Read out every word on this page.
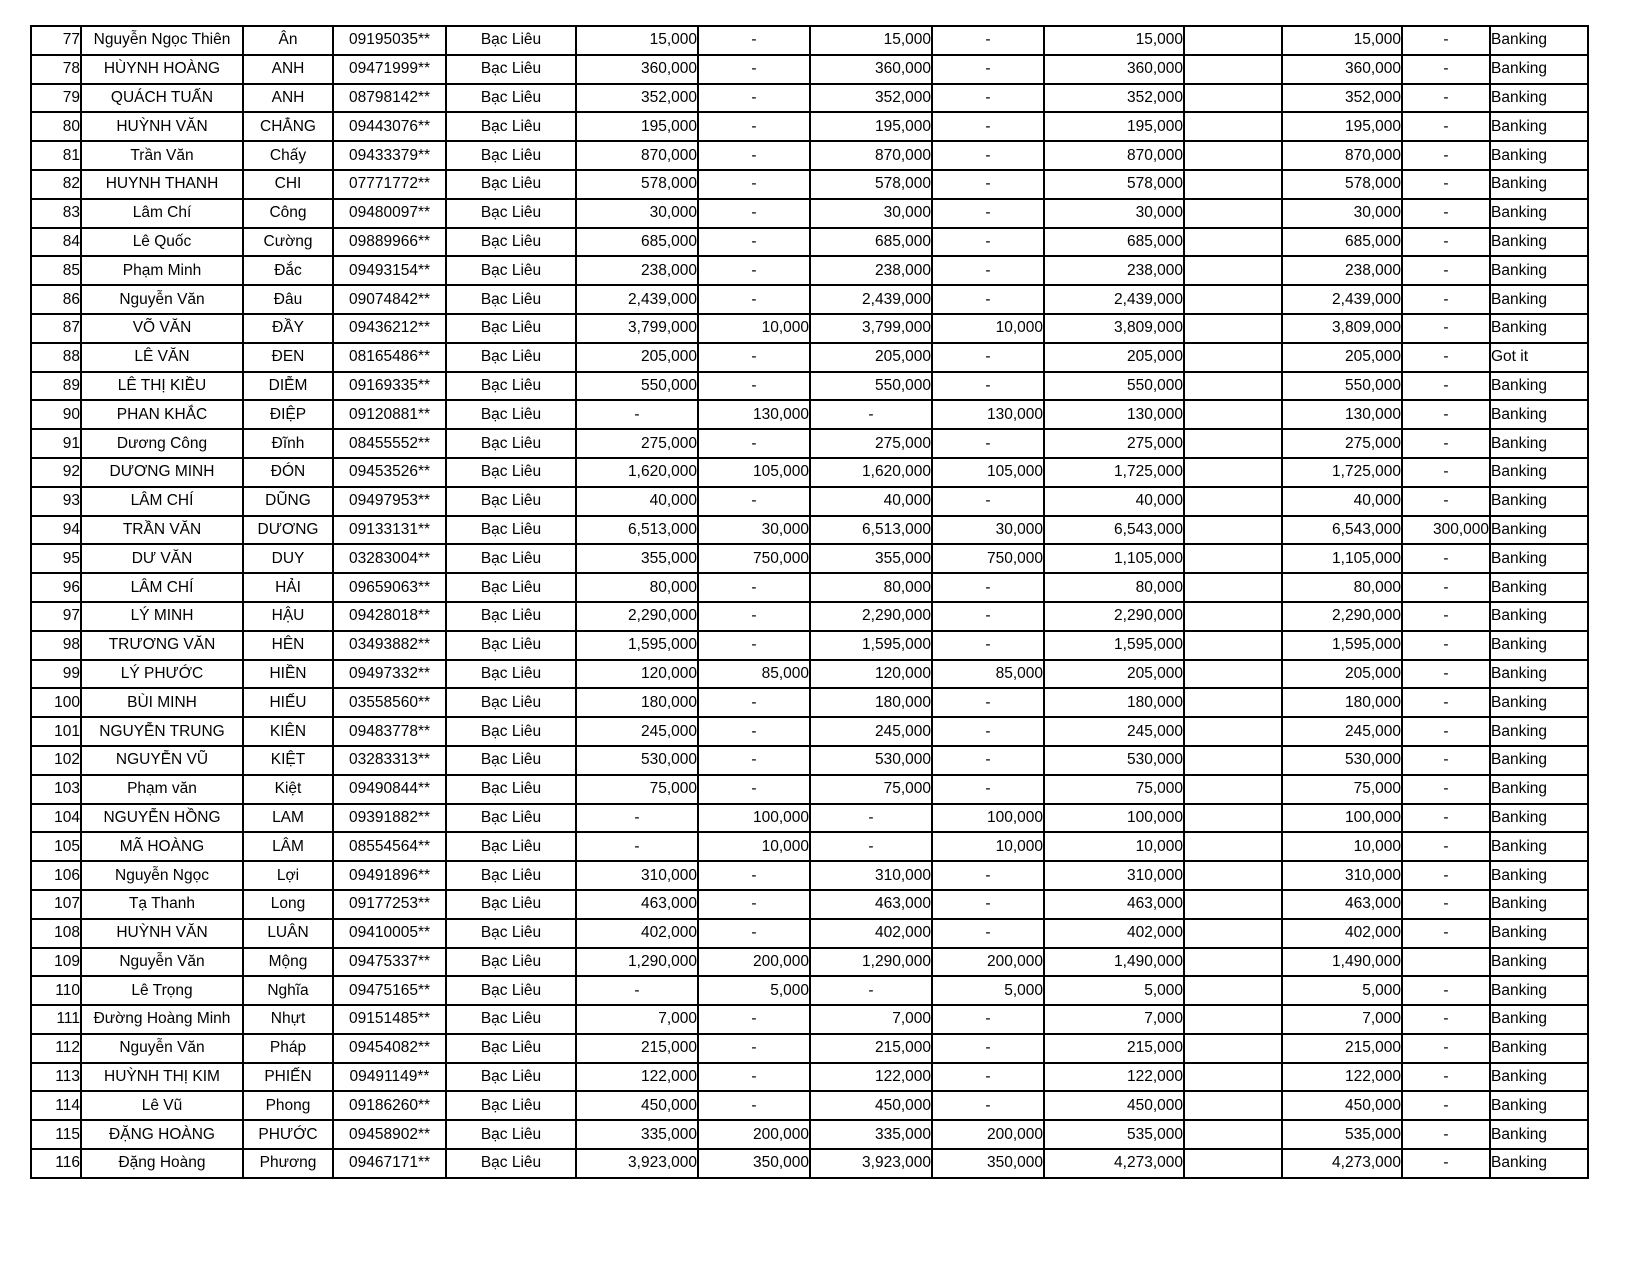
77	Nguyễn Ngọc Thiên	Ân	09195035**	Bạc Liêu	15,000	-	15,000	-	15,000		15,000	-	Banking
78	HÙYNH HOÀNG	ANH	09471999**	Bạc Liêu	360,000	-	360,000	-	360,000		360,000	-	Banking
79	QUÁCH TUẤN	ANH	08798142**	Bạc Liêu	352,000	-	352,000	-	352,000		352,000	-	Banking
80	HUỲNH VĂN	CHẲNG	09443076**	Bạc Liêu	195,000	-	195,000	-	195,000		195,000	-	Banking
81	Trần Văn	Chấy	09433379**	Bạc Liêu	870,000	-	870,000	-	870,000		870,000	-	Banking
82	HUYNH THANH	CHI	07771772**	Bạc Liêu	578,000	-	578,000	-	578,000		578,000	-	Banking
83	Lâm Chí	Công	09480097**	Bạc Liêu	30,000	-	30,000	-	30,000		30,000	-	Banking
84	Lê Quốc	Cường	09889966**	Bạc Liêu	685,000	-	685,000	-	685,000		685,000	-	Banking
85	Phạm Minh	Đắc	09493154**	Bạc Liêu	238,000	-	238,000	-	238,000		238,000	-	Banking
86	Nguyễn Văn	Đâu	09074842**	Bạc Liêu	2,439,000	-	2,439,000	-	2,439,000		2,439,000	-	Banking
87	VÕ VĂN	ĐẦY	09436212**	Bạc Liêu	3,799,000	10,000	3,799,000	10,000	3,809,000		3,809,000	-	Banking
88	LÊ VĂN	ĐEN	08165486**	Bạc Liêu	205,000	-	205,000	-	205,000		205,000	-	Got it
89	LÊ THỊ KIỀU	DIỄM	09169335**	Bạc Liêu	550,000	-	550,000	-	550,000		550,000	-	Banking
90	PHAN KHẮC	ĐIỆP	09120881**	Bạc Liêu	-	130,000	-	130,000	130,000		130,000	-	Banking
91	Dương Công	Đĩnh	08455552**	Bạc Liêu	275,000	-	275,000	-	275,000		275,000	-	Banking
92	DƯƠNG MINH	ĐÓN	09453526**	Bạc Liêu	1,620,000	105,000	1,620,000	105,000	1,725,000		1,725,000	-	Banking
93	LÂM CHÍ	DŨNG	09497953**	Bạc Liêu	40,000	-	40,000	-	40,000		40,000	-	Banking
94	TRẦN VĂN	DƯƠNG	09133131**	Bạc Liêu	6,513,000	30,000	6,513,000	30,000	6,543,000		6,543,000	300,000	Banking
95	DƯ VĂN	DUY	03283004**	Bạc Liêu	355,000	750,000	355,000	750,000	1,105,000		1,105,000	-	Banking
96	LÂM CHÍ	HẢI	09659063**	Bạc Liêu	80,000	-	80,000	-	80,000		80,000	-	Banking
97	LÝ MINH	HẬU	09428018**	Bạc Liêu	2,290,000	-	2,290,000	-	2,290,000		2,290,000	-	Banking
98	TRƯƠNG VĂN	HÊN	03493882**	Bạc Liêu	1,595,000	-	1,595,000	-	1,595,000		1,595,000	-	Banking
99	LÝ PHƯỚC	HIỀN	09497332**	Bạc Liêu	120,000	85,000	120,000	85,000	205,000		205,000	-	Banking
100	BÙI MINH	HIẾU	03558560**	Bạc Liêu	180,000	-	180,000	-	180,000		180,000	-	Banking
101	NGUYỄN TRUNG	KIÊN	09483778**	Bạc Liêu	245,000	-	245,000	-	245,000		245,000	-	Banking
102	NGUYỄN VŨ	KIỆT	03283313**	Bạc Liêu	530,000	-	530,000	-	530,000		530,000	-	Banking
103	Phạm văn	Kiệt	09490844**	Bạc Liêu	75,000	-	75,000	-	75,000		75,000	-	Banking
104	NGUYỄN HỒNG	LAM	09391882**	Bạc Liêu	-	100,000	-	100,000	100,000		100,000	-	Banking
105	MÃ HOÀNG	LÂM	08554564**	Bạc Liêu	-	10,000	-	10,000	10,000		10,000	-	Banking
106	Nguyễn Ngọc	Lợi	09491896**	Bạc Liêu	310,000	-	310,000	-	310,000		310,000	-	Banking
107	Tạ Thanh	Long	09177253**	Bạc Liêu	463,000	-	463,000	-	463,000		463,000	-	Banking
108	HUỲNH VĂN	LUÂN	09410005**	Bạc Liêu	402,000	-	402,000	-	402,000		402,000	-	Banking
109	Nguyễn Văn	Mộng	09475337**	Bạc Liêu	1,290,000	200,000	1,290,000	200,000	1,490,000		1,490,000		Banking
110	Lê Trọng	Nghĩa	09475165**	Bạc Liêu	-	5,000	-	5,000	5,000		5,000	-	Banking
111	Đường Hoàng Minh	Nhựt	09151485**	Bạc Liêu	7,000	-	7,000	-	7,000		7,000	-	Banking
112	Nguyễn Văn	Pháp	09454082**	Bạc Liêu	215,000	-	215,000	-	215,000		215,000	-	Banking
113	HUỲNH THỊ KIM	PHIẾN	09491149**	Bạc Liêu	122,000	-	122,000	-	122,000		122,000	-	Banking
114	Lê Vũ	Phong	09186260**	Bạc Liêu	450,000	-	450,000	-	450,000		450,000	-	Banking
115	ĐẶNG HOÀNG	PHƯỚC	09458902**	Bạc Liêu	335,000	200,000	335,000	200,000	535,000		535,000	-	Banking
116	Đặng Hoàng	Phương	09467171**	Bạc Liêu	3,923,000	350,000	3,923,000	350,000	4,273,000		4,273,000	-	Banking
